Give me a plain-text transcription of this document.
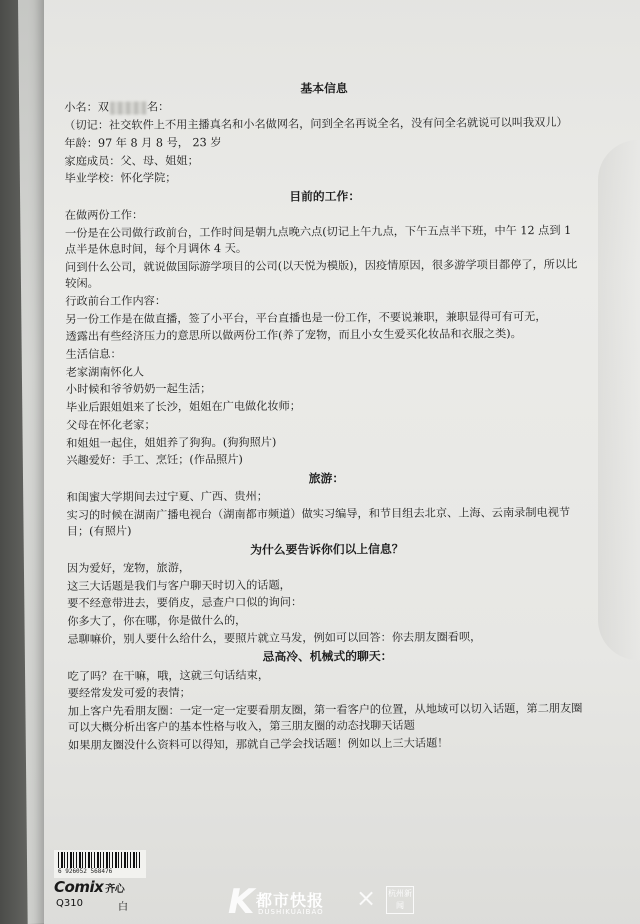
基本信息
小名：双	名：
（切记：社交软件上不用主播真名和小名做网名，问到全名再说全名，没有问全名就说可以叫我双儿）
年龄：97 年 8 月 8 号， 23 岁
家庭成员：父、母、姐姐；
毕业学校：怀化学院；
目前的工作：
在做两份工作：
一份是在公司做行政前台，工作时间是朝九点晚六点(切记上午九点，下午五点半下班，中午 12 点到 1 点半是休息时间，每个月调休 4 天。
问到什么公司，就说做国际游学项目的公司(以天悦为模版)，因疫情原因，很多游学项目都停了，所以比较闲。
行政前台工作内容：
另一份工作是在做直播，签了小平台，平台直播也是一份工作，不要说兼职，兼职显得可有可无，
透露出有些经济压力的意思所以做两份工作(养了宠物，而且小女生爱买化妆品和衣服之类)。
生活信息：
老家湖南怀化人
小时候和爷爷奶奶一起生活；
毕业后跟姐姐来了长沙，姐姐在广电做化妆师；
父母在怀化老家；
和姐姐一起住，姐姐养了狗狗。(狗狗照片)
兴趣爱好：手工、烹饪；(作品照片)
旅游：
和闺蜜大学期间去过宁夏、广西、贵州；
实习的时候在湖南广播电视台（湖南都市频道）做实习编导，和节目组去北京、上海、云南录制电视节目；(有照片)
为什么要告诉你们以上信息？
因为爱好，宠物，旅游，
这三大话题是我们与客户聊天时切入的话题，
要不经意带进去，要俏皮，忌查户口似的询问：
你多大了，你在哪，你是做什么的，
忌聊嘛价，别人要什么给什么，要照片就立马发，例如可以回答：你去朋友圈看呗，
忌高冷、机械式的聊天：
吃了吗？在干嘛，哦，这就三句话结束，
要经常发发可爱的表情；
加上客户先看朋友圈：一定一定一定要看朋友圈，第一看客户的位置，从地域可以切入话题，第二朋友圈可以大概分析出客户的基本性格与收入，第三朋友圈的动态找聊天话题
如果朋友圈没什么资料可以得知，那就自己学会找话题！例如以上三大话题！
6 926052 568476
Comix 齐心
Q310	白	K 都市快报
DUSHIKUAIBAO × 杭州新闻
